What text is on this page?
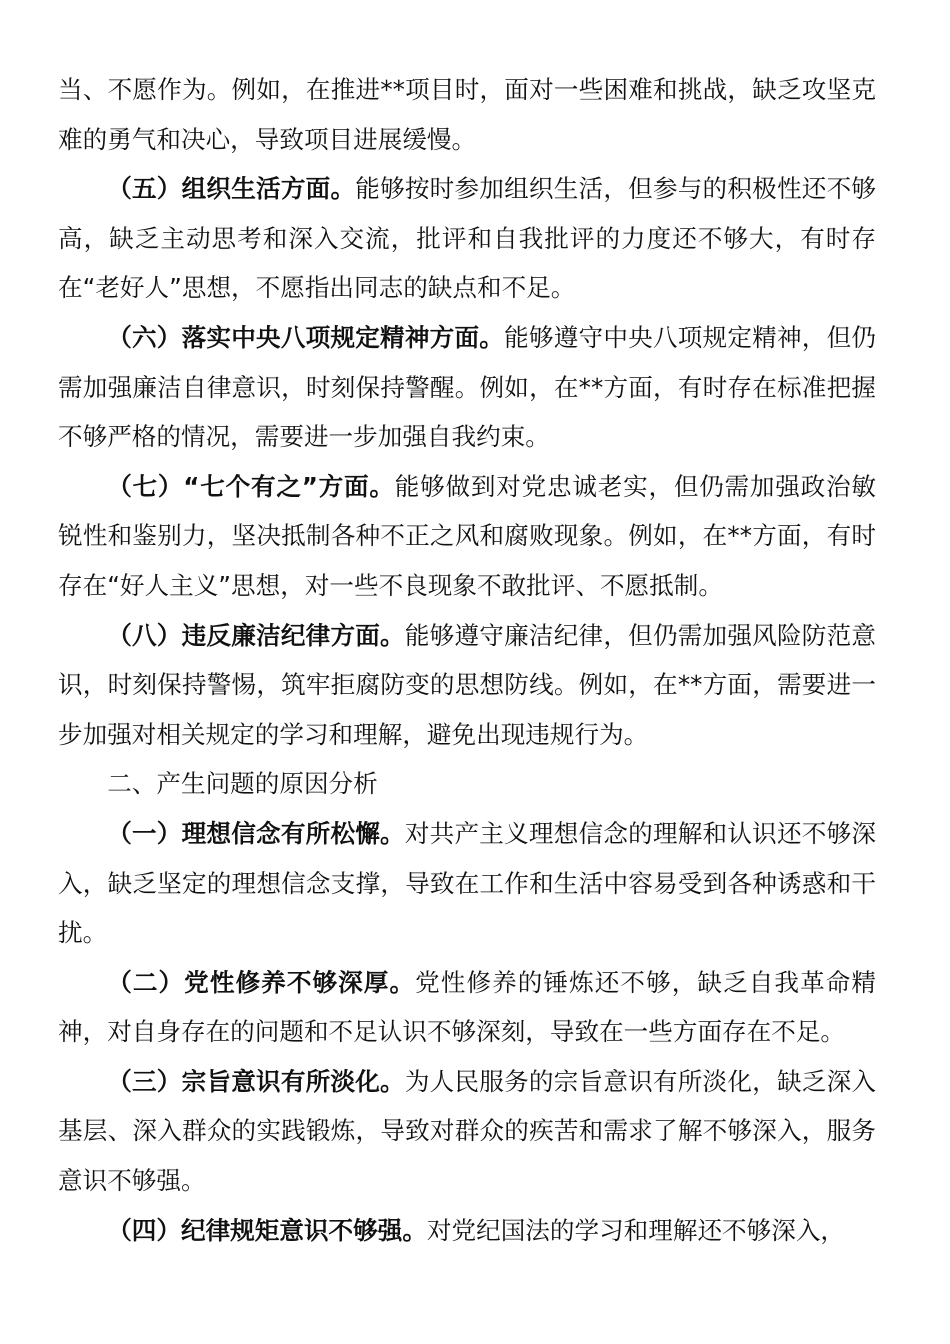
当、不愿作为。例如，在推进**项目时，面对一些困难和挑战，缺乏攻坚克难的勇气和决心，导致项目进展缓慢。

（五）组织生活方面。能够按时参加组织生活，但参与的积极性还不够高，缺乏主动思考和深入交流，批评和自我批评的力度还不够大，有时存在“老好人”思想，不愿指出同志的缺点和不足。

（六）落实中央八项规定精神方面。能够遵守中央八项规定精神，但仍需加强廉洁自律意识，时刻保持警醒。例如，在**方面，有时存在标准把握不够严格的情况，需要进一步加强自我约束。

（七）“七个有之”方面。能够做到对党忠诚老实，但仍需加强政治敏锐性和鉴别力，坚决抵制各种不正之风和腐败现象。例如，在**方面，有时存在“好人主义”思想，对一些不良现象不敢批评、不愿抵制。

（八）违反廉洁纪律方面。能够遵守廉洁纪律，但仍需加强风险防范意识，时刻保持警惕，筑牢拒腐防变的思想防线。例如，在**方面，需要进一步加强对相关规定的学习和理解，避免出现违规行为。

二、产生问题的原因分析

（一）理想信念有所松懈。对共产主义理想信念的理解和认识还不够深入，缺乏坚定的理想信念支撑，导致在工作和生活中容易受到各种诱惑和干扰。

（二）党性修养不够深厚。党性修养的锤炼还不够，缺乏自我革命精神，对自身存在的问题和不足认识不够深刻，导致在一些方面存在不足。

（三）宗旨意识有所淡化。为人民服务的宗旨意识有所淡化，缺乏深入基层、深入群众的实践锻炼，导致对群众的疾苦和需求了解不够深入，服务意识不够强。

（四）纪律规矩意识不够强。对党纪国法的学习和理解还不够深入，
